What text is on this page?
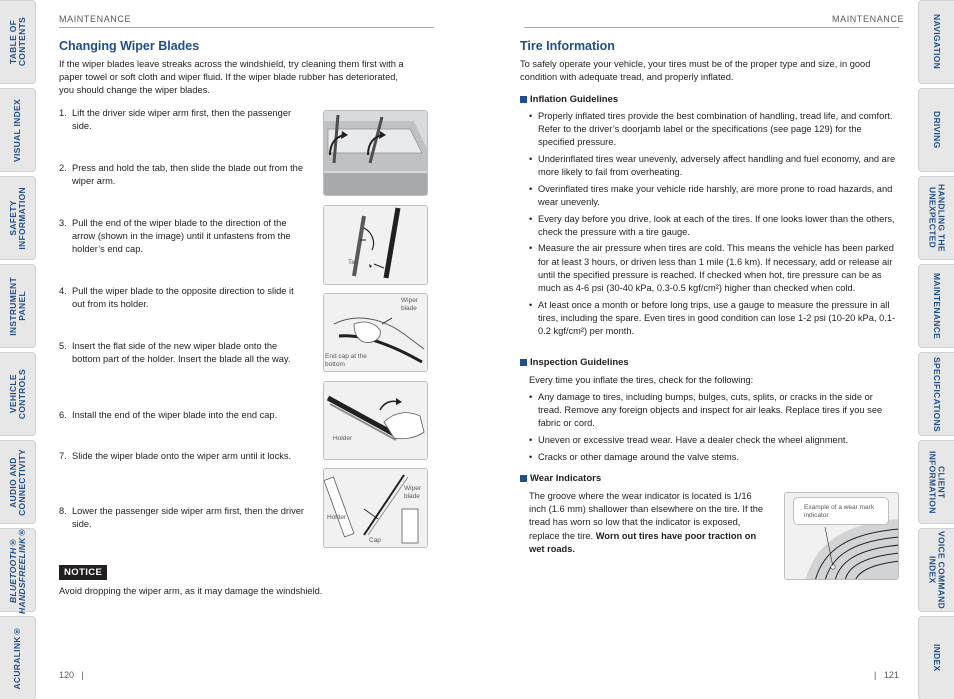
TABLE OF
CONTENTS
VISUAL INDEX
SAFETY
INFORMATION
INSTRUMENT
PANEL
VEHICLE
CONTROLS
AUDIO AND
CONNECTIVITY
BLUETOOTH®
HANDSFREELINK®
ACURALINK®
NAVIGATION
DRIVING
HANDLING THE
UNEXPECTED
MAINTENANCE
SPECIFICATIONS
CLIENT
INFORMATION
VOICE COMMAND
INDEX
INDEX
MAINTENANCE
Changing Wiper Blades

If the wiper blades leave streaks across the windshield, try cleaning them first with a paper towel or soft cloth and wiper fluid. If the wiper blade rubber has deteriorated, you should change the wiper blades.

1. Lift the driver side wiper arm first, then the passenger side.
2. Press and hold the tab, then slide the blade out from the wiper arm.
3. Pull the end of the wiper blade to the direction of the arrow (shown in the image) until it unfastens from the holder’s end cap.
4. Pull the wiper blade to the opposite direction to slide it out from its holder.
5. Insert the flat side of the new wiper blade onto the bottom part of the holder. Insert the blade all the way.
6. Install the end of the wiper blade into the end cap.
7. Slide the wiper blade onto the wiper arm until it locks.
8. Lower the passenger side wiper arm first, then the driver side.
Tab
Wiper blade
End cap at the bottom
Holder
Wiper blade
Holder
Cap
NOTICE

Avoid dropping the wiper arm, as it may damage the windshield.

120   |
MAINTENANCE
Tire Information

To safely operate your vehicle, your tires must be of the proper type and size, in good condition with adequate tread, and properly inflated.

Inflation Guidelines
• Properly inflated tires provide the best combination of handling, tread life, and comfort. Refer to the driver’s doorjamb label or the specifications (see page 129) for the specified pressure.
• Underinflated tires wear unevenly, adversely affect handling and fuel economy, and are more likely to fail from overheating.
• Overinflated tires make your vehicle ride harshly, are more prone to road hazards, and wear unevenly.
• Every day before you drive, look at each of the tires. If one looks lower than the others, check the pressure with a tire gauge.
• Measure the air pressure when tires are cold. This means the vehicle has been parked for at least 3 hours, or driven less than 1 mile (1.6 km). If necessary, add or release air until the specified pressure is reached. If checked when hot, tire pressure can be as much as 4-6 psi (30-40 kPa, 0.3-0.5 kgf/cm²) higher than checked when cold.
• At least once a month or before long trips, use a gauge to measure the pressure in all tires, including the spare. Even tires in good condition can lose 1-2 psi (10-20 kPa, 0.1-0.2 kgf/cm²) per month.
Inspection Guidelines

Every time you inflate the tires, check for the following:

• Any damage to tires, including bumps, bulges, cuts, splits, or cracks in the side or tread. Remove any foreign objects and inspect for air leaks. Replace tires if you see fabric or cord.
• Uneven or excessive tread wear. Have a dealer check the wheel alignment.
• Cracks or other damage around the valve stems.
Wear Indicators

The groove where the wear indicator is located is 1/16 inch (1.6 mm) shallower than elsewhere on the tire. If the tread has worn so low that the indicator is exposed, replace the tire. Worn out tires have poor traction on wet roads.

Example of a wear mark indicator
|   121
